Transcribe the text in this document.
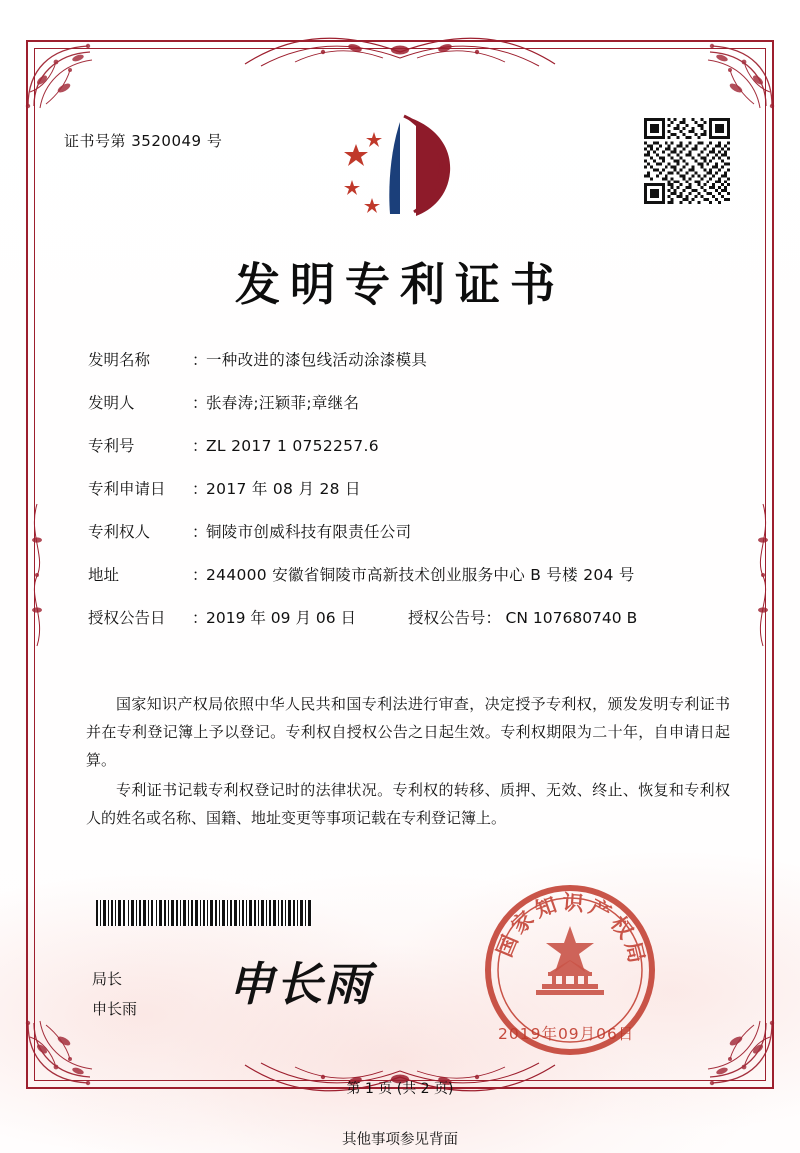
证书号第 3520049 号
发明专利证书
发明名称	：
一种改进的漆包线活动涂漆模具
发明人	：
张春涛;汪颖菲;章继名
专利号	：
ZL 2017 1 0752257.6
专利申请日 ：
2017 年 08 月 28 日
专利权人	：
铜陵市创威科技有限责任公司
地址	：
244000 安徽省铜陵市高新技术创业服务中心 B 号楼 204 号
授权公告日 ：
2019 年 09 月 06 日	授权公告号 ： CN 107680740 B

国家知识产权局依照中华人民共和国专利法进行审查，决定授予专利权，颁发发明专利证书并在专利登记簿上予以登记。专利权自授权公告之日起生效。专利权期限为二十年，自申请日起算。

专利证书记载专利权登记时的法律状况。专利权的转移、质押、无效、终止、恢复和专利权人的姓名或名称、国籍、地址变更等事项记载在专利登记簿上。

局长
申长雨 申长雨
国家知识产权局
2019年09月06日
第 1 页 (共 2 页)
其他事项参见背面
